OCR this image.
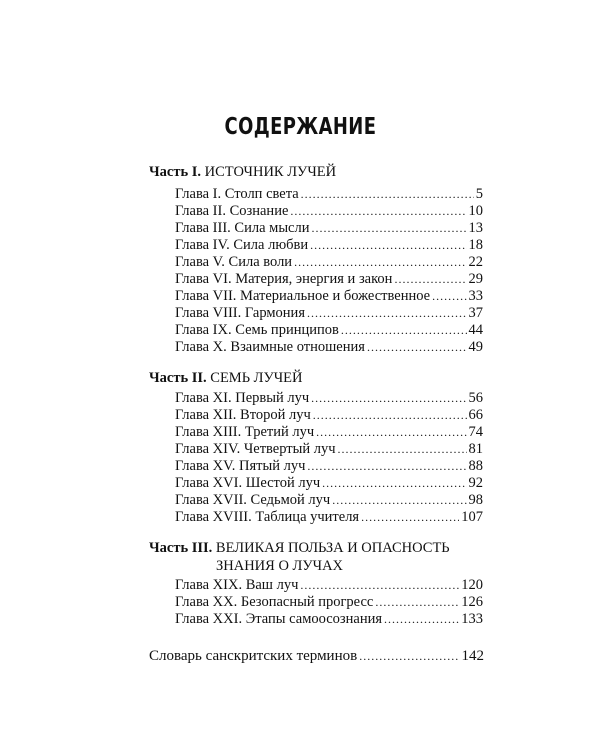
СОДЕРЖАНИЕ
Часть I. ИСТОЧНИК ЛУЧЕЙ
Глава I. Столп света .....	5
Глава II. Сознание .....	10
Глава III. Сила мысли .....	13
Глава IV. Сила любви .....	18
Глава V. Сила воли .....	22
Глава VI. Материя, энергия и закон .....	29
Глава VII. Материальное и божественное .....	33
Глава VIII. Гармония .....	37
Глава IX. Семь принципов .....	44
Глава X. Взаимные отношения .....	49
Часть II. СЕМЬ ЛУЧЕЙ
Глава XI. Первый луч .....	56
Глава XII. Второй луч .....	66
Глава XIII. Третий луч .....	74
Глава XIV. Четвертый луч .....	81
Глава XV. Пятый луч .....	88
Глава XVI. Шестой луч .....	92
Глава XVII. Седьмой луч .....	98
Глава XVIII. Таблица учителя .....	107
Часть III. ВЕЛИКАЯ ПОЛЬЗА И ОПАСНОСТЬ
ЗНАНИЯ О ЛУЧАХ
Глава XIX. Ваш луч .....	120
Глава XX. Безопасный прогресс .....	126
Глава XXI. Этапы самоосознания .....	133
Словарь санскритских терминов .....	142
